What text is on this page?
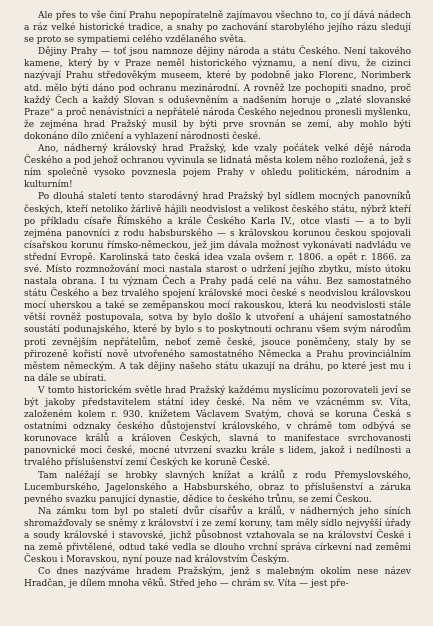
Ale přes to vše činí Prahu nepopíratelně zajímavou všechno to, co jí dává nádech a ráz velké historické tradice, a snahy po zachování starobylého jejího rázu sledují se proto se sympatiemi celého vzdělaného světa.

Dějiny Prahy — toť jsou namnoze dějiny národa a státu Českého. Není takového kamene, který by v Praze neměl historického významu, a není divu, že cizinci nazývají Prahu středověkým museem, které by podobně jako Florenc, Norimberk atd. mělo býti dáno pod ochranu mezinárodní. A rovněž lze pochopiti snadno, proč každý Čech a každý Slovan s oduševněním a nadšením horuje o „zlaté slovanské Praze“ a proč nenávistníci a nepřátelé národa Českého nejednou pronesli myšlenku, že zejména hrad Pražský musil by býti prve srovnán se zemí, aby mohlo býti dokonáno dílo zničení a vyhlazení národnosti české.

Ano, nádherný královský hrad Pražský, kde vzaly počátek velké dějě národa Českého a pod jehož ochranou vyvinula se lidnatá města kolem něho rozložená, jež s ním společně vysoko povznesla pojem Prahy v ohledu politickém, národním a kulturním!

Po dlouhá staletí tento starodávný hrad Pražský byl sídlem mocných panovníků českých, kteří netoliko žárlivě hájili neodvislost a velikost českého státu, nýbrž kteří po příkladu císaře Římského a krále Českého Karla IV., otce vlasti — a to byli zejména panovníci z rodu habsburského — s královskou korunou českou spojovali císařskou korunu římsko-německou, jež jim dávala možnost vykonávati nadvládu ve střední Evropě. Karolinská tato česká idea vzala ovšem r. 1806. a opět r. 1866. za své. Místo rozmnožování moci nastala starost o udržení jejího zbytku, místo útoku nastala obrana. I tu význam Čech a Prahy padá celé na váhu. Bez samostatného státu Českého a bez trvalého spojení královské moci české s neodvislou královskou mocí uherskou a také se zeměpanskou mocí rakouskou, která ku neodvislosti stále větší rovněž postupovala, sotva by bylo došlo k utvoření a uhájení samostatného soustátí podunajského, které by bylo s to poskytnouti ochranu všem svým národům proti zevnějším nepřátelům, neboť země české, jsouce poněmčeny, staly by se přirozeně kořistí nově utvořeného samostatného Německa a Prahu provinciálním městem německým. A tak dějiny našeho státu ukazují na dráhu, po které jest mu i na dále se ubírati.

V tomto historickém světle hrad Pražský každému myslícímu pozorovateli jeví se být jakoby představitelem státní idey české. Na něm ve vzácnémm sv. Víta, založeném kolem r. 930. knížetem Václavem Svatým, chová se koruna Česká s ostatními odznaky českého důstojenství královského, v chrámě tom odbývá se korunovace králů a královen Českých, slavná to manifestace svrchovanosti panovnické moci české, mocné utvrzení svazku krále s lidem, jakož i nedílnosti a trvalého příslušenství zemí Českých ke koruně České.

Tam naléžají se hrobky slavných knížat a králů z rodu Přemyslovského, Lucemburského, Jagelonského a Habsburského, obraz to příslušenství a záruka pevného svazku panující dynastie, dědice to českého trůnu, se zemí Českou.

Na zámku tom byl po staletí dvůr císařův a králů, v nádherných jeho síních shromažďovaly se sněmy z království i ze zemí koruny, tam měly sídlo nejvyšší úřady a soudy královské i stavovské, jichž působnost vztahovala se na království České i na země přivtělené, odtud také vedla se dlouho vrchní správa církevní nad zeměmi Českou i Moravskou, nyní pouze nad královstvím Českým.

Co dnes nazýváme hradem Pražským, jenž s malebným okolím nese název Hradčan, je dílem mnoha věků. Střed jeho — chrám sv. Víta — jest pře-
